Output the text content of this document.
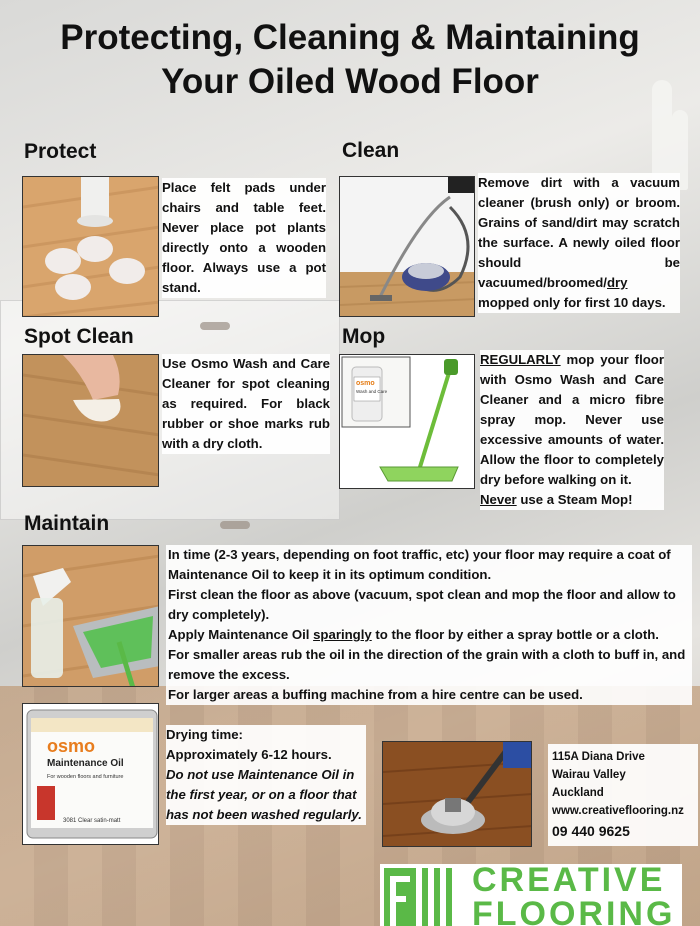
Protecting, Cleaning & Maintaining
Your Oiled Wood Floor
Protect

Place felt pads under chairs and table feet. Never place pot plants directly onto a wooden floor. Always use a pot stand.

Clean

Remove dirt with a vacuum cleaner (brush only) or broom. Grains of sand/dirt may scratch the surface. A newly oiled floor should be vacuumed/broomed/dry mopped only for first 10 days.

Spot Clean

Use Osmo Wash and Care Cleaner for spot cleaning as required. For black rubber or shoe marks rub with a dry cloth.

Mop
osmo
Wash and Care

REGULARLY mop your floor with Osmo Wash and Care Cleaner and a micro fibre spray mop. Never use excessive amounts of water. Allow the floor to completely dry before walking on it.

Never use a Steam Mop!

Maintain
osmo
Maintenance Oil
For wooden floors and furniture
3081 Clear satin-matt

In time (2-3 years, depending on foot traffic, etc) your floor may require a coat of Maintenance Oil to keep it in its optimum condition.

First clean the floor as above (vacuum, spot clean and mop the floor and allow to dry completely).

Apply Maintenance Oil sparingly to the floor by either a spray bottle or a cloth.

For smaller areas rub the oil in the direction of the grain with a cloth to buff in, and remove the excess.

For larger areas a buffing machine from a hire centre can be used.

Drying time:

Approximately 6-12 hours.

Do not use Maintenance Oil in the first year, or on a floor that has not been washed regularly.

115A Diana Drive
Wairau Valley
Auckland
www.creativeflooring.nz
09 440 9625
CREATIVE
FLOORING
